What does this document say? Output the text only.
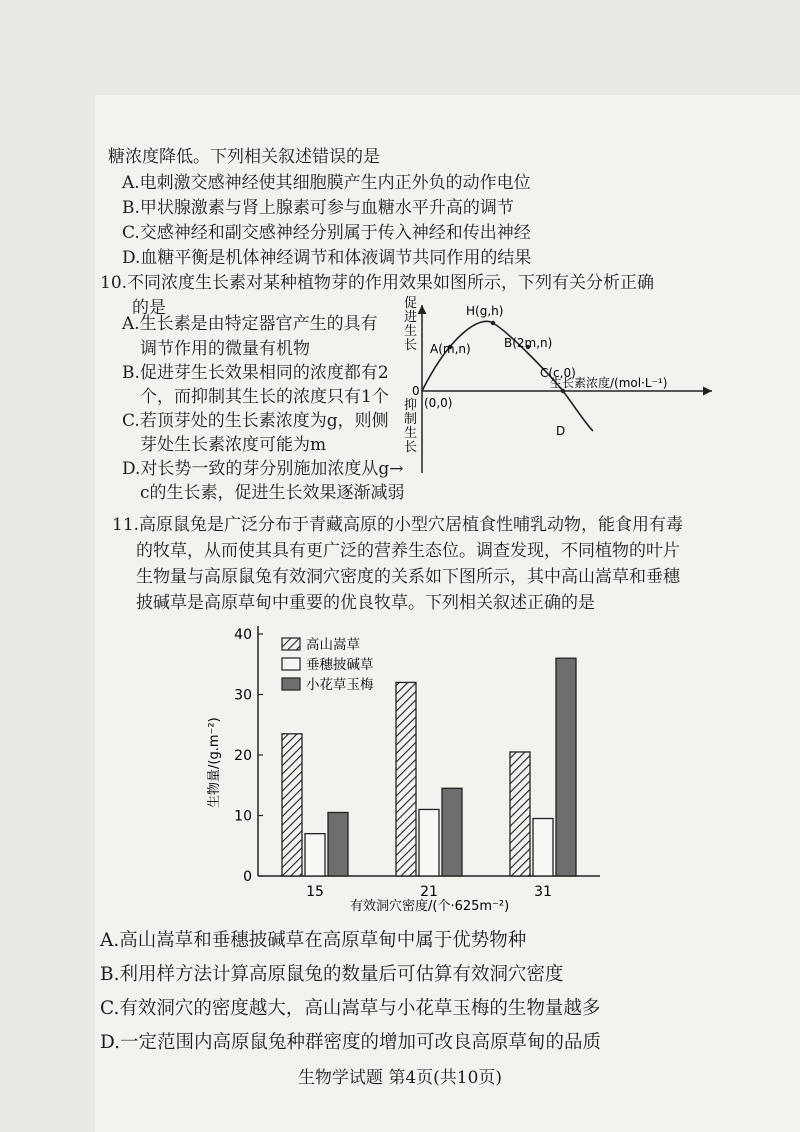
糖浓度降低。下列相关叙述错误的是
A.电刺激交感神经使其细胞膜产生内正外负的动作电位
B.甲状腺激素与肾上腺素可参与血糖水平升高的调节
C.交感神经和副交感神经分别属于传入神经和传出神经
D.血糖平衡是机体神经调节和体液调节共同作用的结果
10.不同浓度生长素对某种植物芽的作用效果如图所示，下列有关分析正确
的是
A.生长素是由特定器官产生的具有
调节作用的微量有机物
B.促进芽生长效果相同的浓度都有2
个，而抑制其生长的浓度只有1个
C.若顶芽处的生长素浓度为g，则侧
芽处生长素浓度可能为m
D.对长势一致的芽分别施加浓度从g→
c的生长素，促进生长效果逐渐减弱
促进生长
抑制生长
0
(0,0)
H(g,h)
A(m,n)	B(2m,n)
C(c,0)
D
生长素浓度/(mol·L⁻¹)
11.高原鼠兔是广泛分布于青藏高原的小型穴居植食性哺乳动物，能食用有毒
的牧草，从而使其具有更广泛的营养生态位。调查发现，不同植物的叶片
生物量与高原鼠兔有效洞穴密度的关系如下图所示，其中高山嵩草和垂穗
披碱草是高原草甸中重要的优良牧草。下列相关叙述正确的是
0
10
20
30
40
15	21	31
高山嵩草
垂穗披碱草
小花草玉梅
生物量/(g.m⁻²)
有效洞穴密度/(个·625m⁻²)
A.高山嵩草和垂穗披碱草在高原草甸中属于优势物种
B.利用样方法计算高原鼠兔的数量后可估算有效洞穴密度
C.有效洞穴的密度越大，高山嵩草与小花草玉梅的生物量越多
D.一定范围内高原鼠兔种群密度的增加可改良高原草甸的品质
生物学试题 第4页(共10页)
